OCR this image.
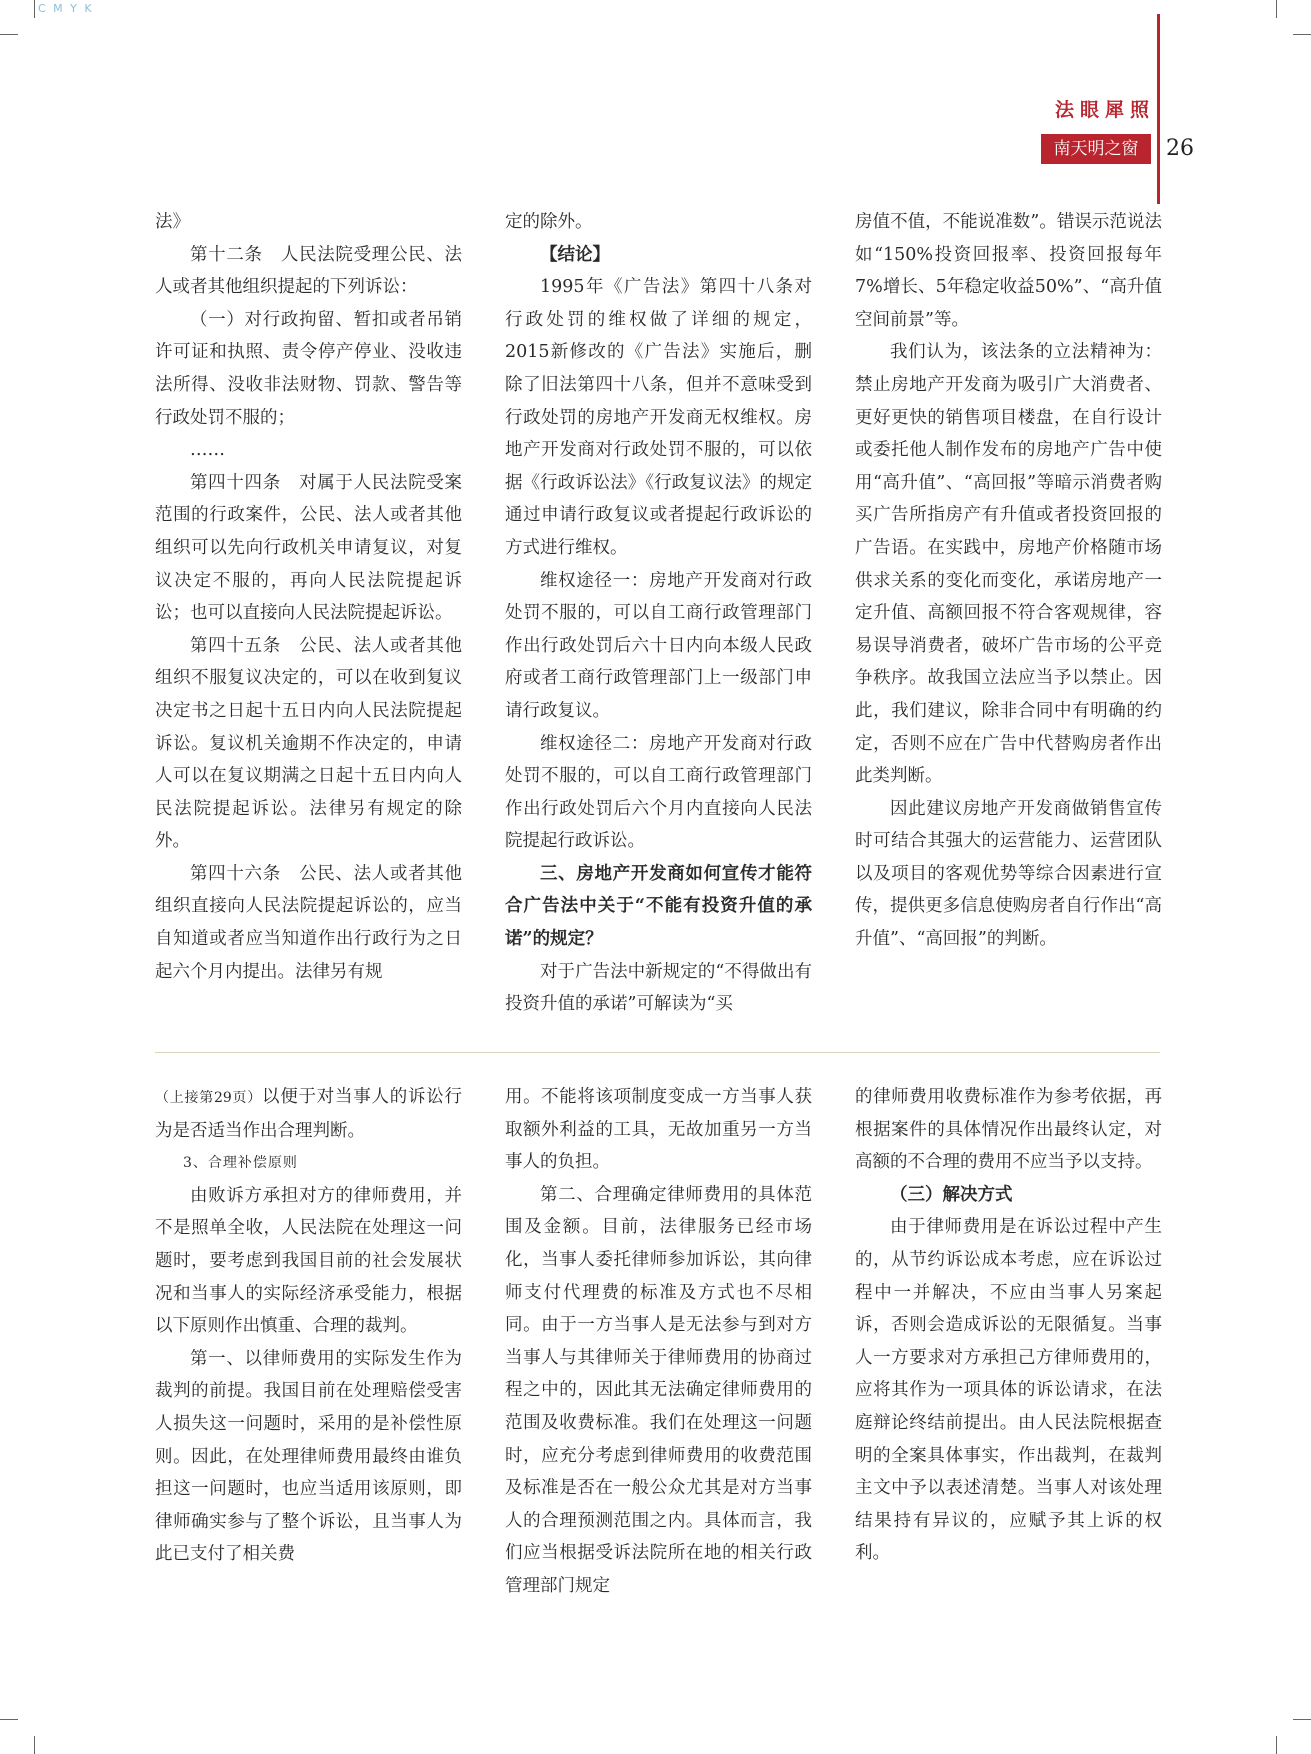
C M Y K
法眼犀照
南天明之窗	26

法》

第十二条　人民法院受理公民、法人或者其他组织提起的下列诉讼：

（一）对行政拘留、暂扣或者吊销许可证和执照、责令停产停业、没收违法所得、没收非法财物、罚款、警告等行政处罚不服的；

……

第四十四条　对属于人民法院受案范围的行政案件，公民、法人或者其他组织可以先向行政机关申请复议，对复议决定不服的，再向人民法院提起诉讼；也可以直接向人民法院提起诉讼。

第四十五条　公民、法人或者其他组织不服复议决定的，可以在收到复议决定书之日起十五日内向人民法院提起诉讼。复议机关逾期不作决定的，申请人可以在复议期满之日起十五日内向人民法院提起诉讼。法律另有规定的除外。

第四十六条　公民、法人或者其他组织直接向人民法院提起诉讼的，应当自知道或者应当知道作出行政行为之日起六个月内提出。法律另有规

定的除外。

【结论】

1995年《广告法》第四十八条对行政处罚的维权做了详细的规定，2015新修改的《广告法》实施后，删除了旧法第四十八条，但并不意味受到行政处罚的房地产开发商无权维权。房地产开发商对行政处罚不服的，可以依据《行政诉讼法》《行政复议法》的规定通过申请行政复议或者提起行政诉讼的方式进行维权。

维权途径一：房地产开发商对行政处罚不服的，可以自工商行政管理部门作出行政处罚后六十日内向本级人民政府或者工商行政管理部门上一级部门申请行政复议。

维权途径二：房地产开发商对行政处罚不服的，可以自工商行政管理部门作出行政处罚后六个月内直接向人民法院提起行政诉讼。

三、房地产开发商如何宣传才能符合广告法中关于“不能有投资升值的承诺”的规定？

对于广告法中新规定的“不得做出有投资升值的承诺”可解读为“买

房值不值，不能说准数”。错误示范说法如“150%投资回报率、投资回报每年7%增长、5年稳定收益50%”、“高升值空间前景”等。

我们认为，该法条的立法精神为：禁止房地产开发商为吸引广大消费者、更好更快的销售项目楼盘，在自行设计或委托他人制作发布的房地产广告中使用“高升值”、“高回报”等暗示消费者购买广告所指房产有升值或者投资回报的广告语。在实践中，房地产价格随市场供求关系的变化而变化，承诺房地产一定升值、高额回报不符合客观规律，容易误导消费者，破坏广告市场的公平竞争秩序。故我国立法应当予以禁止。因此，我们建议，除非合同中有明确的约定，否则不应在广告中代替购房者作出此类判断。

因此建议房地产开发商做销售宣传时可结合其强大的运营能力、运营团队以及项目的客观优势等综合因素进行宣传，提供更多信息使购房者自行作出“高升值”、“高回报”的判断。

（上接第29页）以便于对当事人的诉讼行为是否适当作出合理判断。

3、合理补偿原则

由败诉方承担对方的律师费用，并不是照单全收，人民法院在处理这一问题时，要考虑到我国目前的社会发展状况和当事人的实际经济承受能力，根据以下原则作出慎重、合理的裁判。

第一、以律师费用的实际发生作为裁判的前提。我国目前在处理赔偿受害人损失这一问题时，采用的是补偿性原则。因此，在处理律师费用最终由谁负担这一问题时，也应当适用该原则，即律师确实参与了整个诉讼，且当事人为此已支付了相关费

用。不能将该项制度变成一方当事人获取额外利益的工具，无故加重另一方当事人的负担。

第二、合理确定律师费用的具体范围及金额。目前，法律服务已经市场化，当事人委托律师参加诉讼，其向律师支付代理费的标准及方式也不尽相同。由于一方当事人是无法参与到对方当事人与其律师关于律师费用的协商过程之中的，因此其无法确定律师费用的范围及收费标准。我们在处理这一问题时，应充分考虑到律师费用的收费范围及标准是否在一般公众尤其是对方当事人的合理预测范围之内。具体而言，我们应当根据受诉法院所在地的相关行政管理部门规定

的律师费用收费标准作为参考依据，再根据案件的具体情况作出最终认定，对高额的不合理的费用不应当予以支持。

（三）解决方式

由于律师费用是在诉讼过程中产生的，从节约诉讼成本考虑，应在诉讼过程中一并解决，不应由当事人另案起诉，否则会造成诉讼的无限循复。当事人一方要求对方承担己方律师费用的，应将其作为一项具体的诉讼请求，在法庭辩论终结前提出。由人民法院根据查明的全案具体事实，作出裁判，在裁判主文中予以表述清楚。当事人对该处理结果持有异议的，应赋予其上诉的权利。
